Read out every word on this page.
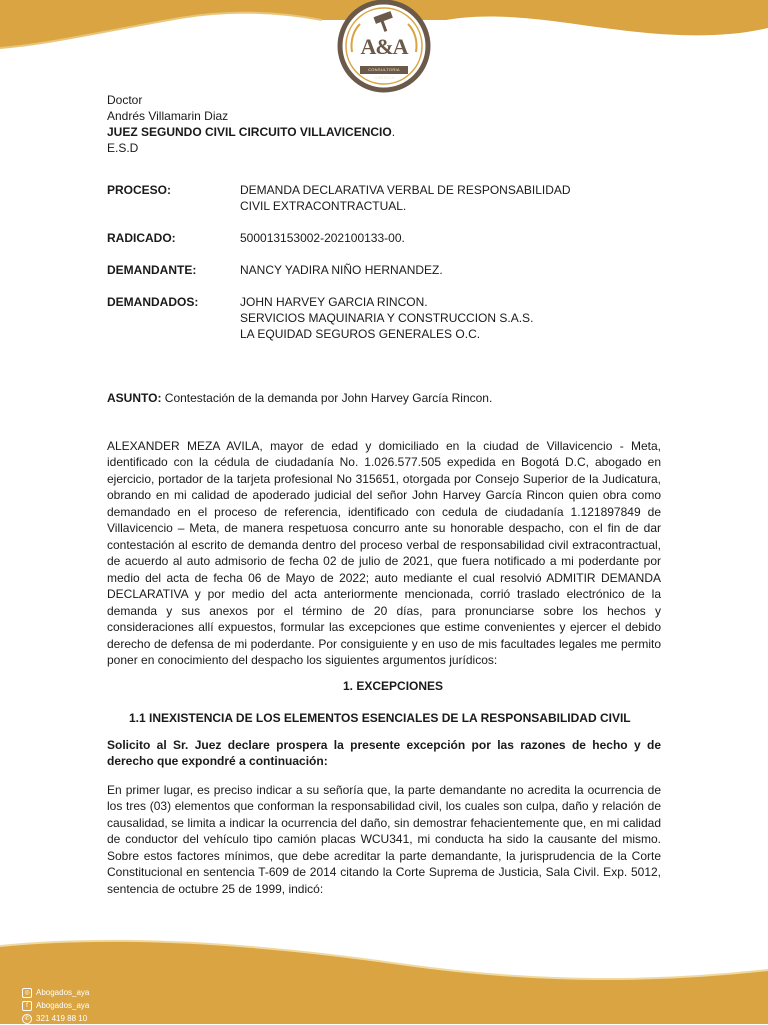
A&A
CONSULTORIA JURIDICA
Doctor
Andrés Villamarin Diaz
JUEZ SEGUNDO CIVIL CIRCUITO VILLAVICENCIO.
E.S.D
PROCESO:	DEMANDA DECLARATIVA VERBAL DE RESPONSABILIDAD
CIVIL EXTRACONTRACTUAL.
RADICADO:	500013153002-202100133-00.
DEMANDANTE:	NANCY YADIRA NIÑO HERNANDEZ.
DEMANDADOS:	JOHN HARVEY GARCIA RINCON.
SERVICIOS MAQUINARIA Y CONSTRUCCION S.A.S.
LA EQUIDAD SEGUROS GENERALES O.C.
ASUNTO: Contestación de la demanda por John Harvey García Rincon.
ALEXANDER MEZA AVILA, mayor de edad y domiciliado en la ciudad de Villavicencio - Meta, identificado con la cédula de ciudadanía No. 1.026.577.505 expedida en Bogotá D.C, abogado en ejercicio, portador de la tarjeta profesional No 315651, otorgada por Consejo Superior de la Judicatura, obrando en mi calidad de apoderado judicial del señor John Harvey García Rincon quien obra como demandado en el proceso de referencia, identificado con cedula de ciudadanía 1.121897849 de Villavicencio – Meta, de manera respetuosa concurro ante su honorable despacho, con el fin de dar contestación al escrito de demanda dentro del proceso verbal de responsabilidad civil extracontractual, de acuerdo al auto admisorio de fecha 02 de julio de 2021, que fuera notificado a mi poderdante por medio del acta de fecha 06 de Mayo de 2022; auto mediante el cual resolvió ADMITIR DEMANDA DECLARATIVA y por medio del acta anteriormente mencionada, corrió traslado electrónico de la demanda y sus anexos por el término de 20 días, para pronunciarse sobre los hechos y consideraciones allí expuestos, formular las excepciones que estime convenientes y ejercer el debido derecho de defensa de mi poderdante. Por consiguiente y en uso de mis facultades legales me permito poner en conocimiento del despacho los siguientes argumentos jurídicos:
1. EXCEPCIONES
1.1 INEXISTENCIA DE LOS ELEMENTOS ESENCIALES DE LA RESPONSABILIDAD CIVIL
Solicito al Sr. Juez declare prospera la presente excepción por las razones de hecho y de derecho que expondré a continuación:
En primer lugar, es preciso indicar a su señoría que, la parte demandante no acredita la ocurrencia de los tres (03) elementos que conforman la responsabilidad civil, los cuales son culpa, daño y relación de causalidad, se limita a indicar la ocurrencia del daño, sin demostrar fehacientemente que, en mi calidad de conductor del vehículo tipo camión placas WCU341, mi conducta ha sido la causante del mismo. Sobre estos factores mínimos, que debe acreditar la parte demandante, la jurisprudencia de la Corte Constitucional en sentencia T-609 de 2014 citando la Corte Suprema de Justicia, Sala Civil. Exp. 5012, sentencia de octubre 25 de 1999, indicó:
◎ Abogados_aya
f	Abogados_aya
✆ 321 419 88 10
